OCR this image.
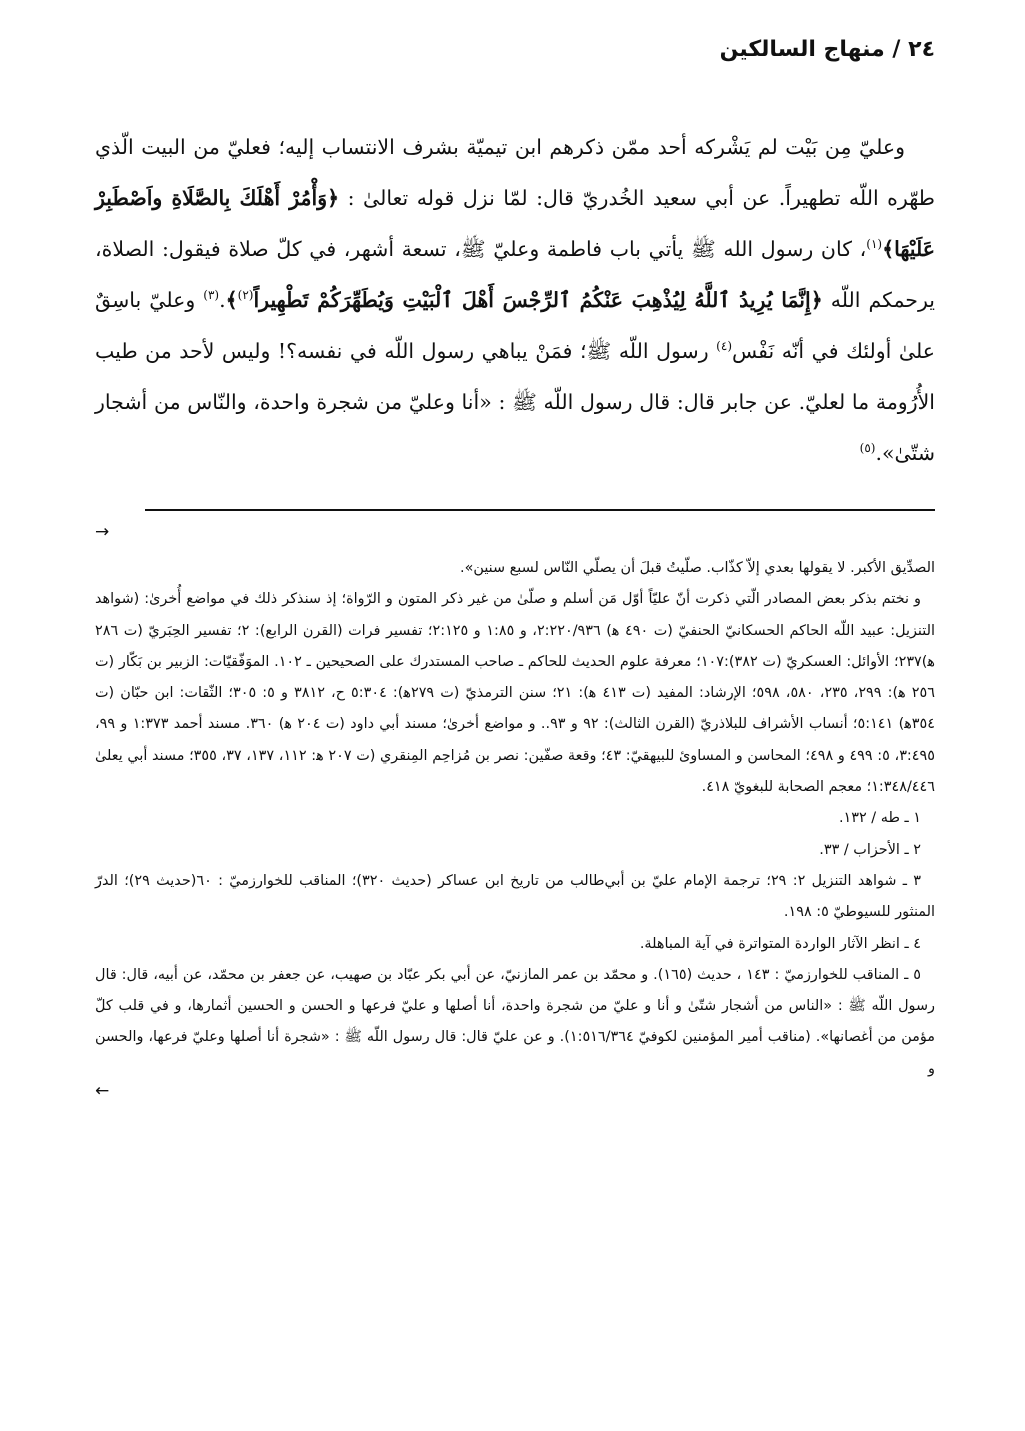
٢٤ / منهاج السالكين

وعليّ مِن بَيْت لم يَشْركه أحد ممّن ذكرهم ابن تيميّة بشرف الانتساب إليه؛ فعليّ من البيت الّذي طهّره اللّه تطهيراً. عن أبي سعيد الخُدريّ قال: لمّا نزل قوله تعالىٰ : ﴿وَأْمُرْ أَهْلَكَ بِالصَّلَاةِ واَصْطَبِرْ عَلَيْهَا﴾$^{(١)}$، كان رسول الله ﷺ يأتي باب فاطمة وعليّ ﷺ، تسعة أشهر، في كلّ صلاة فيقول: الصلاة، يرحمكم اللّه ﴿إِنَّمَا يُرِيدُ ٱللَّهُ لِيُذْهِبَ عَنْكُمُ ٱلرِّجْسَ أَهْلَ ٱلْبَيْتِ وَيُطَهِّرَكُمْ تَطْهِيراً$^{(٢)}$﴾.$^{(٣)}$ وعليّ باسِقٌ علىٰ أولئك في أنّه نَفْس$^{(٤)}$ رسول اللّه ﷺ؛ فمَنْ يباهي رسول اللّه في نفسه؟! وليس لأحد من طيب الأُرُومة ما لعليّ. عن جابر قال: قال رسول اللّه ﷺ : «أنا وعليّ من شجرة واحدة، والنّاس من أشجار شتّىٰ».$^{(٥)}$

→

الصدِّيق الأكبر. لا يقولها بعدي إلاّ كذّاب. صلّيتُ قبلَ أن يصلّي النّاس لسبع سنين».

و نختم بذكر بعض المصادر الّتي ذكرت أنّ عليّاً أوّل مَن أسلم و صلّىٰ من غير ذكر المتون و الرّواة؛ إذ سنذكر ذلك في مواضع أُخرىٰ: (شواهد التنزيل: عبيد اللّه الحاكم الحسكانيّ الحنفيّ (ت ٤٩٠ ﻫ) ٢:٢٢٠/٩٣٦، و ١:٨٥ و ٢:١٢٥؛ تفسير فرات (القرن الرابع): ٢؛ تفسير الحِبَريّ (ت ٢٨٦ ﻫ)٢٣٧؛ الأوائل: العسكريّ (ت ٣٨٢):١٠٧؛ معرفة علوم الحديث للحاكم ـ صاحب المستدرك على الصحيحين ـ ١٠٢. الموَفّقيّات: الزبير بن بَكّار (ت ٢٥٦ ﻫ): ٢٩٩، ٢٣٥، ٥٨٠، ٥٩٨؛ الإرشاد: المفيد (ت ٤١٣ ﻫ): ٢١؛ سنن الترمذيّ (ت ٢٧٩ﻫ): ٥:٣٠٤ ح، ٣٨١٢ و ٥: ٣٠٥؛ الثّقات: ابن حبّان (ت ٣٥٤ﻫ) ٥:١٤١؛ أنساب الأشراف للبلاذريّ (القرن الثالث): ٩٢ و ٩٣.. و مواضع أخرىٰ؛ مسند أبي داود (ت ٢٠٤ ﻫ) ٣٦٠. مسند أحمد ١:٣٧٣ و ٩٩، ٣:٤٩٥، ٥: ٤٩٩ و ٤٩٨؛ المحاسن و المساوئ للبيهقيّ: ٤٣؛ وقعة صفّين: نصر بن مُزاحِم المِنقري (ت ٢٠٧ ﻫ: ١١٢، ١٣٧، ٣٧، ٣٥٥؛ مسند أبي يعلىٰ ١:٣٤٨/٤٤٦؛ معجم الصحابة للبغويّ ٤١٨.

١ ـ طه / ١٣٢.

٢ ـ الأحزاب / ٣٣.

٣ ـ شواهد التنزيل ٢: ٢٩؛ ترجمة الإمام عليّ بن أبي‌طالب من تاريخ ابن عساكر (حديث ٣٢٠)؛ المناقب للخوارزميّ : ٦٠(حديث ٢٩)؛ الدرّ المنثور للسيوطيّ ٥: ١٩٨.

٤ ـ انظر الآثار الواردة المتواترة في آية المباهلة.

٥ ـ المناقب للخوارزميّ : ١٤٣ ، حديث (١٦٥). و محمّد بن عمر المازنيّ، عن أبي بكر عبّاد بن صهيب، عن جعفر بن محمّد، عن أبيه، قال: قال رسول اللّه ﷺ : «الناس من أشجار شتّىٰ و أنا و عليّ من شجرة واحدة، أنا أصلها و عليّ فرعها و الحسن و الحسين أثمارها، و في قلب كلّ مؤمن من أغصانها». (مناقب أمير المؤمنين لكوفيّ ١:٥١٦/٣٦٤). و عن عليّ قال: قال رسول اللّه ﷺ : «شجرة أنا أصلها وعليّ فرعها، والحسن و

←
